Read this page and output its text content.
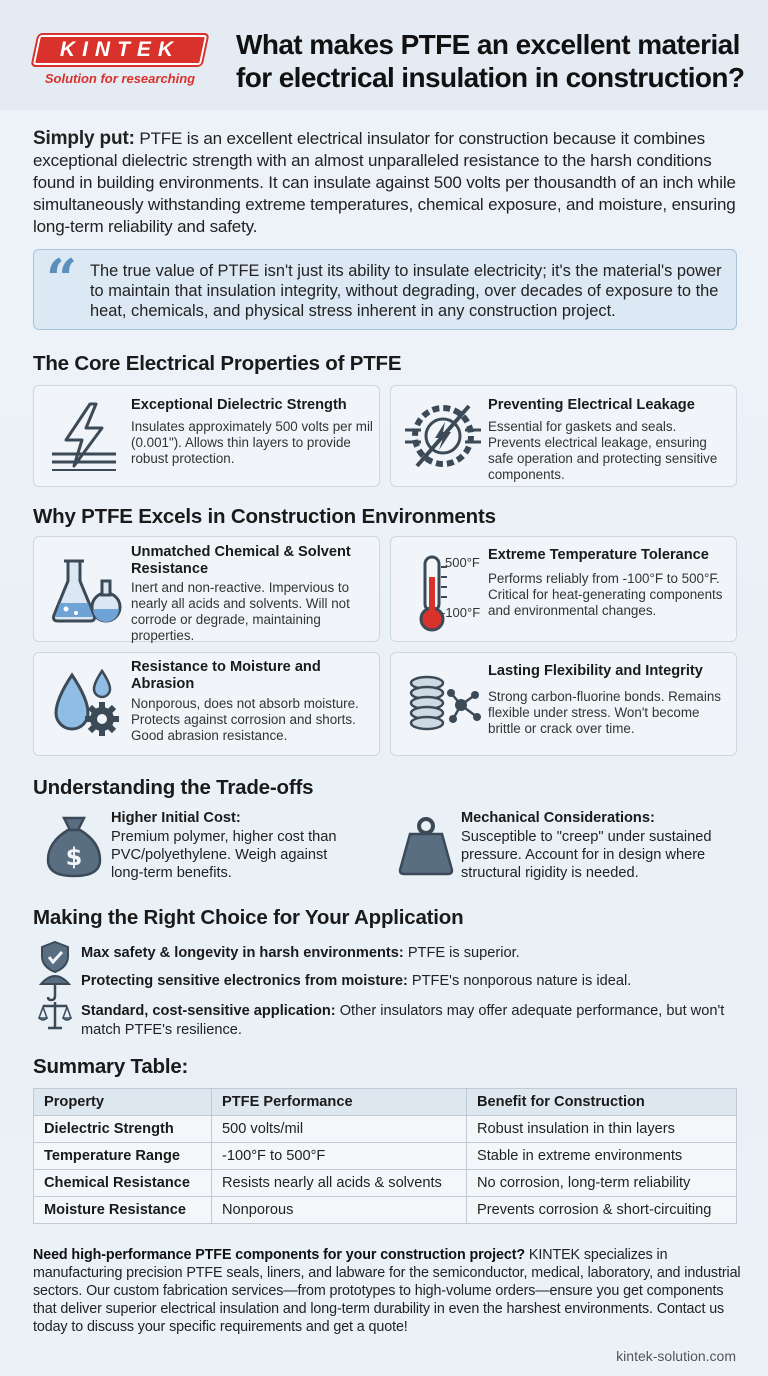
KINTEK
Solution for researching
What makes PTFE an excellent material for electrical insulation in construction?
Simply put: PTFE is an excellent electrical insulator for construction because it combines exceptional dielectric strength with an almost unparalleled resistance to the harsh conditions found in building environments. It can insulate against 500 volts per thousandth of an inch while simultaneously withstanding extreme temperatures, chemical exposure, and moisture, ensuring long-term reliability and safety.
“ The true value of PTFE isn't just its ability to insulate electricity; it's the material's power to maintain that insulation integrity, without degrading, over decades of exposure to the heat, chemicals, and physical stress inherent in any construction project.
The Core Electrical Properties of PTFE
Exceptional Dielectric Strength
Insulates approximately 500 volts per mil (0.001"). Allows thin layers to provide robust protection.
Preventing Electrical Leakage
Essential for gaskets and seals. Prevents electrical leakage, ensuring safe operation and protecting sensitive components.
Why PTFE Excels in Construction Environments
Unmatched Chemical & Solvent Resistance
Inert and non-reactive. Impervious to nearly all acids and solvents. Will not corrode or degrade, maintaining properties.
500°F
-100°F
Extreme Temperature Tolerance
Performs reliably from -100°F to 500°F. Critical for heat-generating components and environmental changes.
Resistance to Moisture and Abrasion
Nonporous, does not absorb moisture. Protects against corrosion and shorts. Good abrasion resistance.
Lasting Flexibility and Integrity
Strong carbon-fluorine bonds. Remains flexible under stress. Won't become brittle or crack over time.
Understanding the Trade-offs
$
Higher Initial Cost:
Premium polymer, higher cost than PVC/polyethylene. Weigh against long-term benefits.
Mechanical Considerations:
Susceptible to "creep" under sustained pressure. Account for in design where structural rigidity is needed.
Making the Right Choice for Your Application
Max safety & longevity in harsh environments: PTFE is superior.
Protecting sensitive electronics from moisture: PTFE's nonporous nature is ideal.
Standard, cost-sensitive application: Other insulators may offer adequate performance, but won't match PTFE's resilience.
Summary Table:
Property	PTFE Performance	Benefit for Construction
Dielectric Strength	500 volts/mil	Robust insulation in thin layers
Temperature Range	-100°F to 500°F	Stable in extreme environments
Chemical Resistance	Resists nearly all acids & solvents	No corrosion, long-term reliability
Moisture Resistance	Nonporous	Prevents corrosion & short-circuiting
Need high-performance PTFE components for your construction project? KINTEK specializes in manufacturing precision PTFE seals, liners, and labware for the semiconductor, medical, laboratory, and industrial sectors. Our custom fabrication services—from prototypes to high-volume orders—ensure you get components that deliver superior electrical insulation and long-term durability in even the harshest environments. Contact us today to discuss your specific requirements and get a quote!
kintek-solution.com
